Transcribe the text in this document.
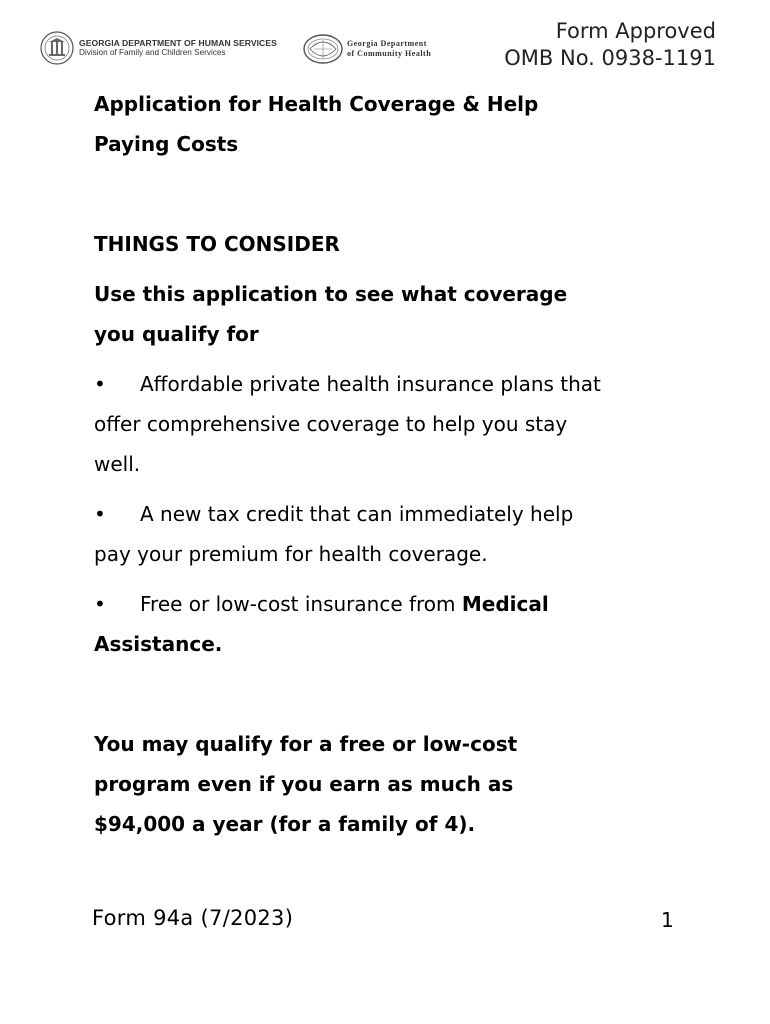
GEORGIA DEPARTMENT OF HUMAN SERVICES
Division of Family and Children Services
Georgia Department
of Community Health
Form Approved
OMB No. 0938-1191
Application for Health Coverage & Help
Paying Costs
THINGS TO CONSIDER
Use this application to see what coverage
you qualify for
• Affordable private health insurance plans that
offer comprehensive coverage to help you stay
well.
• A new tax credit that can immediately help
pay your premium for health coverage.
• Free or low-cost insurance from Medical
Assistance.
You may qualify for a free or low-cost
program even if you earn as much as
$94,000 a year (for a family of 4).
Form 94a (7/2023)	1
